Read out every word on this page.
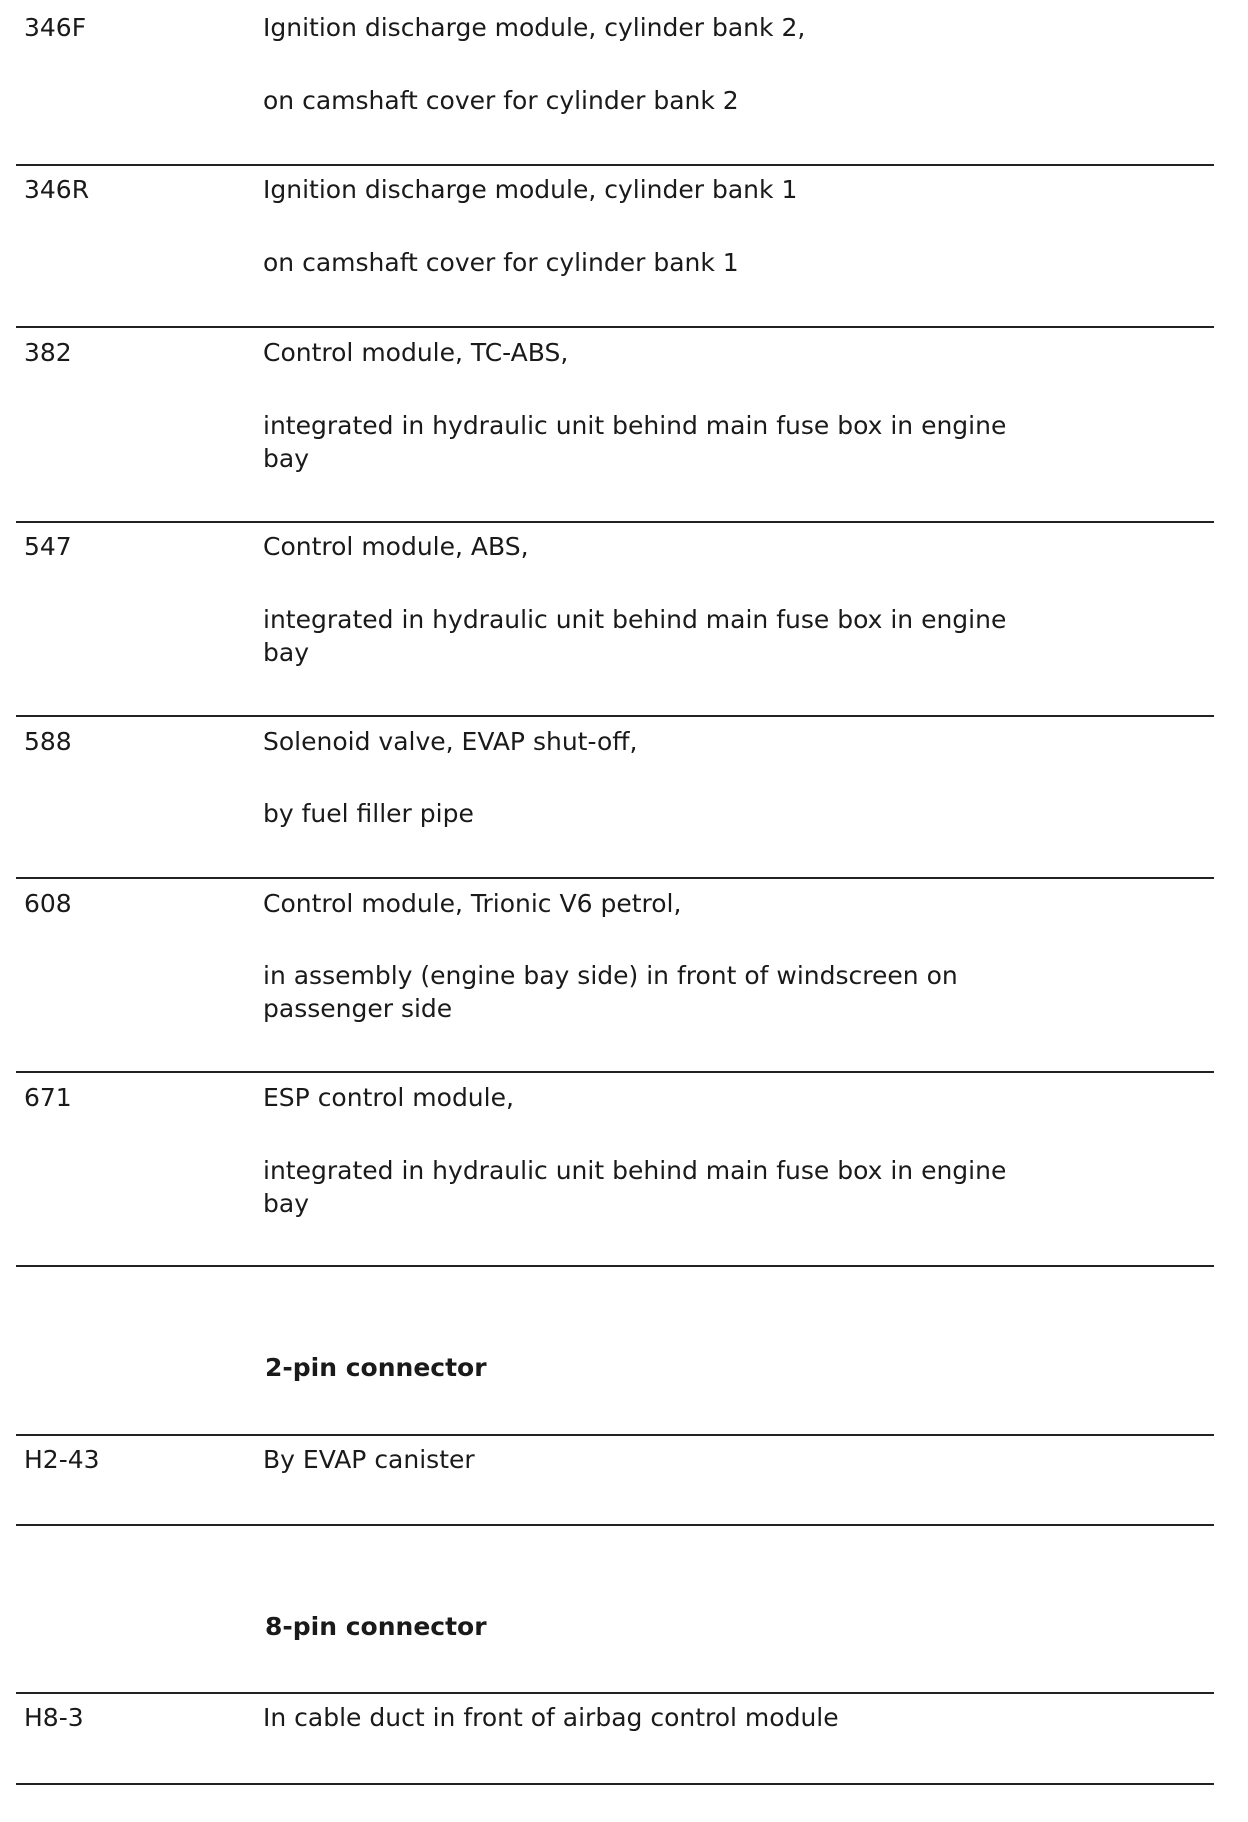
346F	Ignition discharge module, cylinder bank 2,
on camshaft cover for cylinder bank 2
346R	Ignition discharge module, cylinder bank 1
on camshaft cover for cylinder bank 1
382	Control module, TC-ABS,
integrated in hydraulic unit behind main fuse box in engine bay
547	Control module, ABS,
integrated in hydraulic unit behind main fuse box in engine bay
588	Solenoid valve, EVAP shut-off,
by fuel filler pipe
608	Control module, Trionic V6 petrol,
in assembly (engine bay side) in front of windscreen on passenger side
671	ESP control module,
integrated in hydraulic unit behind main fuse box in engine bay
2-pin connector
H2-43	By EVAP canister
8-pin connector
H8-3	In cable duct in front of airbag control module
